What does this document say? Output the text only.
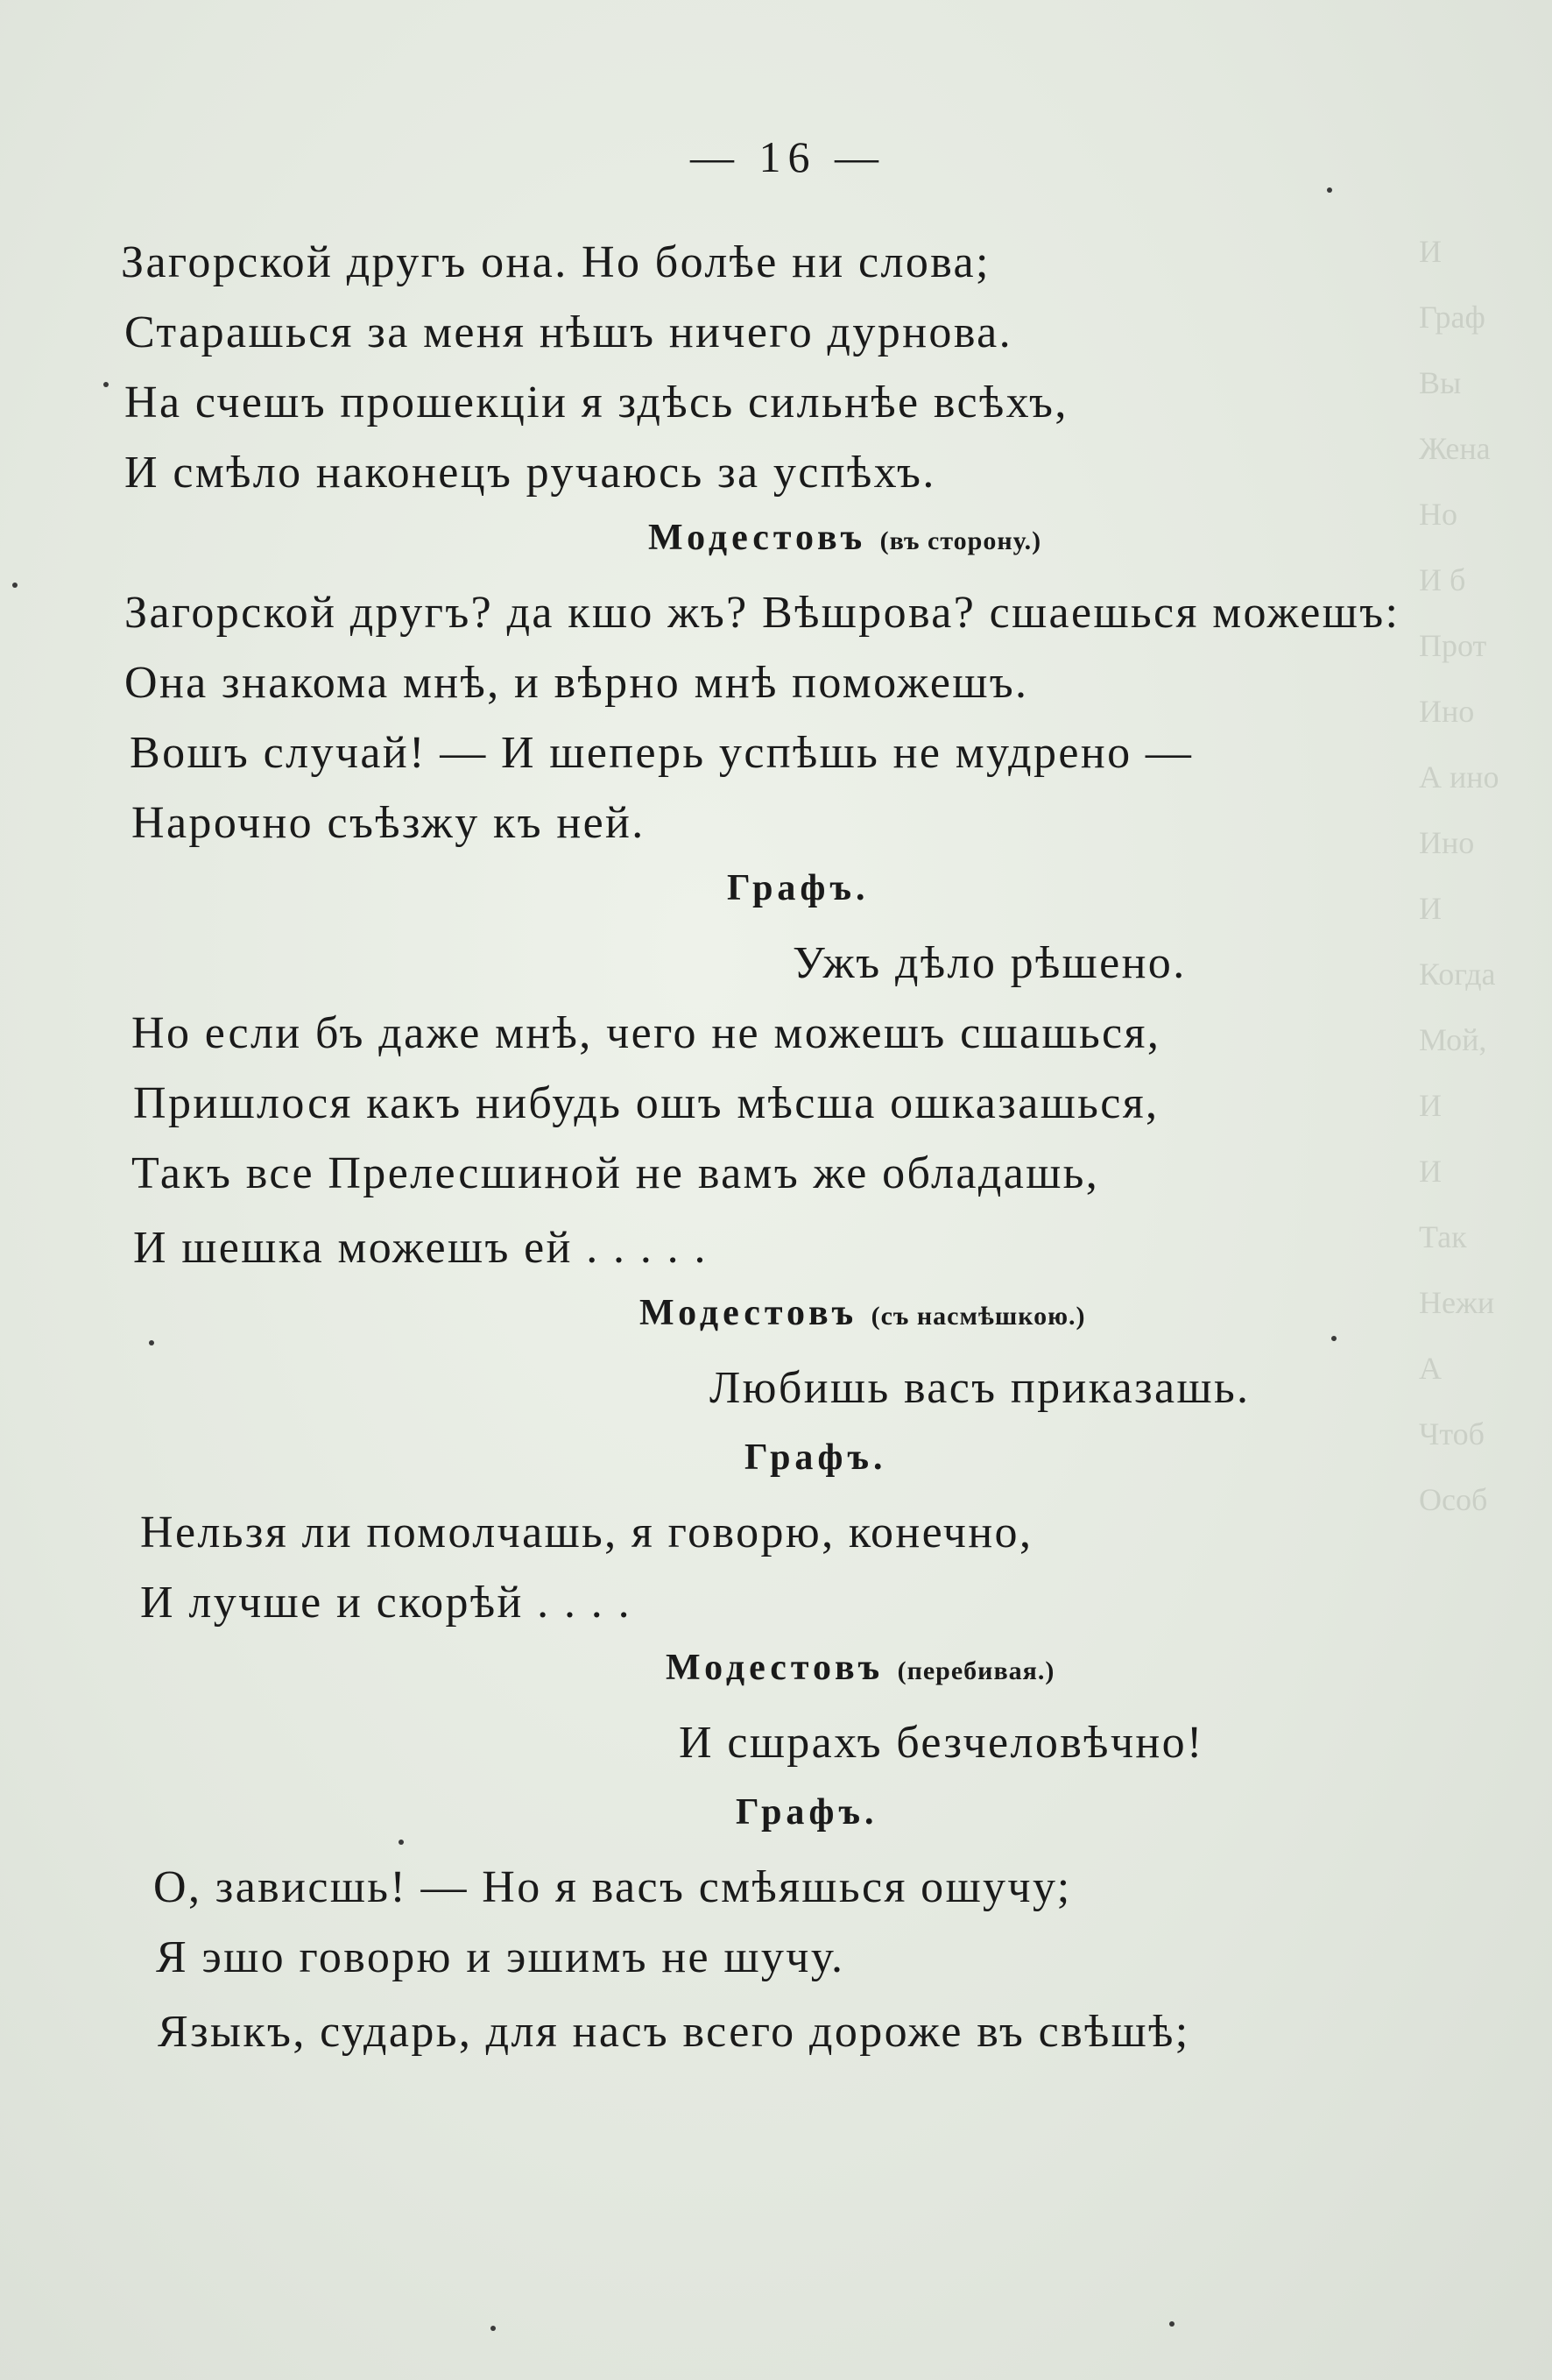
И
Граф
Вы
Жена
Но
И б
Прот
Ино
А ино
Ино
И
Когда
Мой,
И
И
Так
Нежи
А
Чтоб
Особ
— 16 —
Загорской другъ она. Но болѣе ни слова;
Старашься за меня нѣшъ ничего дурнова.
На счешъ прошекціи я здѣсь сильнѣе всѣхъ,
И смѣло наконецъ ручаюсь за успѣхъ.
Модестовъ (въ сторону.)
Загорской другъ? да кшо жъ? Вѣшрова? сшаешься можешъ:
Она знакома мнѣ, и вѣрно мнѣ поможешъ.
Вошъ случай! — И шеперь успѣшь не мудрено —
Нарочно съѣзжу къ ней.
Графъ.
Ужъ дѣло рѣшено.
Но если бъ даже мнѣ, чего не можешъ сшашься,
Пришлося какъ нибудь ошъ мѣсша ошказашься,
Такъ все Прелесшиной не вамъ же обладашь,
И шешка можешъ ей . . . . .
Модестовъ (съ насмѣшкою.)
Любишь васъ приказашь.
Графъ.
Нельзя ли помолчашь, я говорю, конечно,
И лучше и скорѣй . . . .
Модестовъ (перебивая.)
И сшрахъ безчеловѣчно!
Графъ.
О, зависшь! — Но я васъ смѣяшься ошучу;
Я эшо говорю и эшимъ не шучу.
Языкъ, сударь, для насъ всего дороже въ свѣшѣ;
